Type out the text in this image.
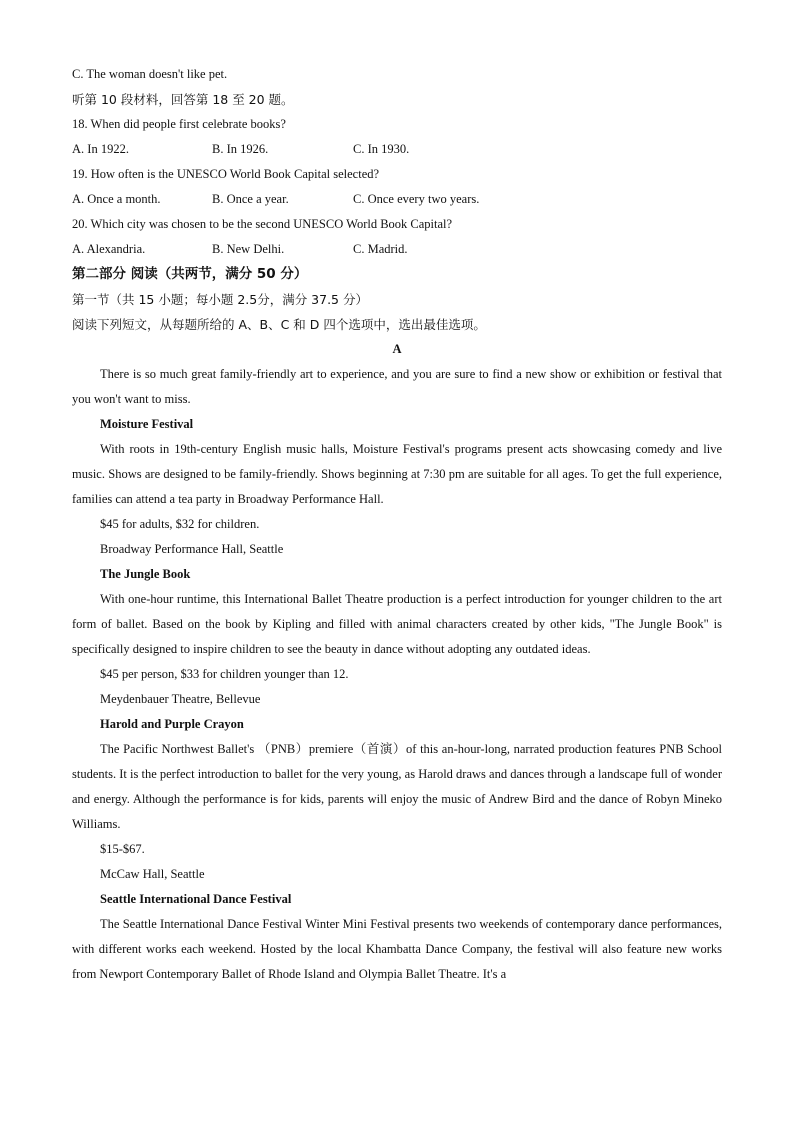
C. The woman doesn't like pet.
听第 10 段材料，回答第 18 至 20 题。
18. When did people first celebrate books?
A. In 1922.	B. In 1926.	C. In 1930.
19. How often is the UNESCO World Book Capital selected?
A. Once a month.	B. Once a year.	C. Once every two years.
20. Which city was chosen to be the second UNESCO World Book Capital?
A. Alexandria.	B. New Delhi.	C. Madrid.
第二部分 阅读（共两节，满分 50 分）
第一节（共 15 小题；每小题 2.5分，满分 37.5 分）
阅读下列短文，从每题所给的 A、B、C 和 D 四个选项中，选出最佳选项。
A

There is so much great family-friendly art to experience, and you are sure to find a new show or exhibition or festival that you won't want to miss.

Moisture Festival

With roots in 19th-century English music halls, Moisture Festival's programs present acts showcasing comedy and live music. Shows are designed to be family-friendly. Shows beginning at 7:30 pm are suitable for all ages. To get the full experience, families can attend a tea party in Broadway Performance Hall.

$45 for adults, $32 for children.
Broadway Performance Hall, Seattle
The Jungle Book

With one-hour runtime, this International Ballet Theatre production is a perfect introduction for younger children to the art form of ballet. Based on the book by Kipling and filled with animal characters created by other kids, "The Jungle Book" is specifically designed to inspire children to see the beauty in dance without adopting any outdated ideas.

$45 per person, $33 for children younger than 12.
Meydenbauer Theatre, Bellevue
Harold and Purple Crayon

The Pacific Northwest Ballet's （PNB）premiere（首演）of this an-hour-long, narrated production features PNB School students. It is the perfect introduction to ballet for the very young, as Harold draws and dances through a landscape full of wonder and energy. Although the performance is for kids, parents will enjoy the music of Andrew Bird and the dance of Robyn Mineko Williams.

$15-$67.
McCaw Hall, Seattle
Seattle International Dance Festival

The Seattle International Dance Festival Winter Mini Festival presents two weekends of contemporary dance performances, with different works each weekend. Hosted by the local Khambatta Dance Company, the festival will also feature new works from Newport Contemporary Ballet of Rhode Island and Olympia Ballet Theatre. It's a
